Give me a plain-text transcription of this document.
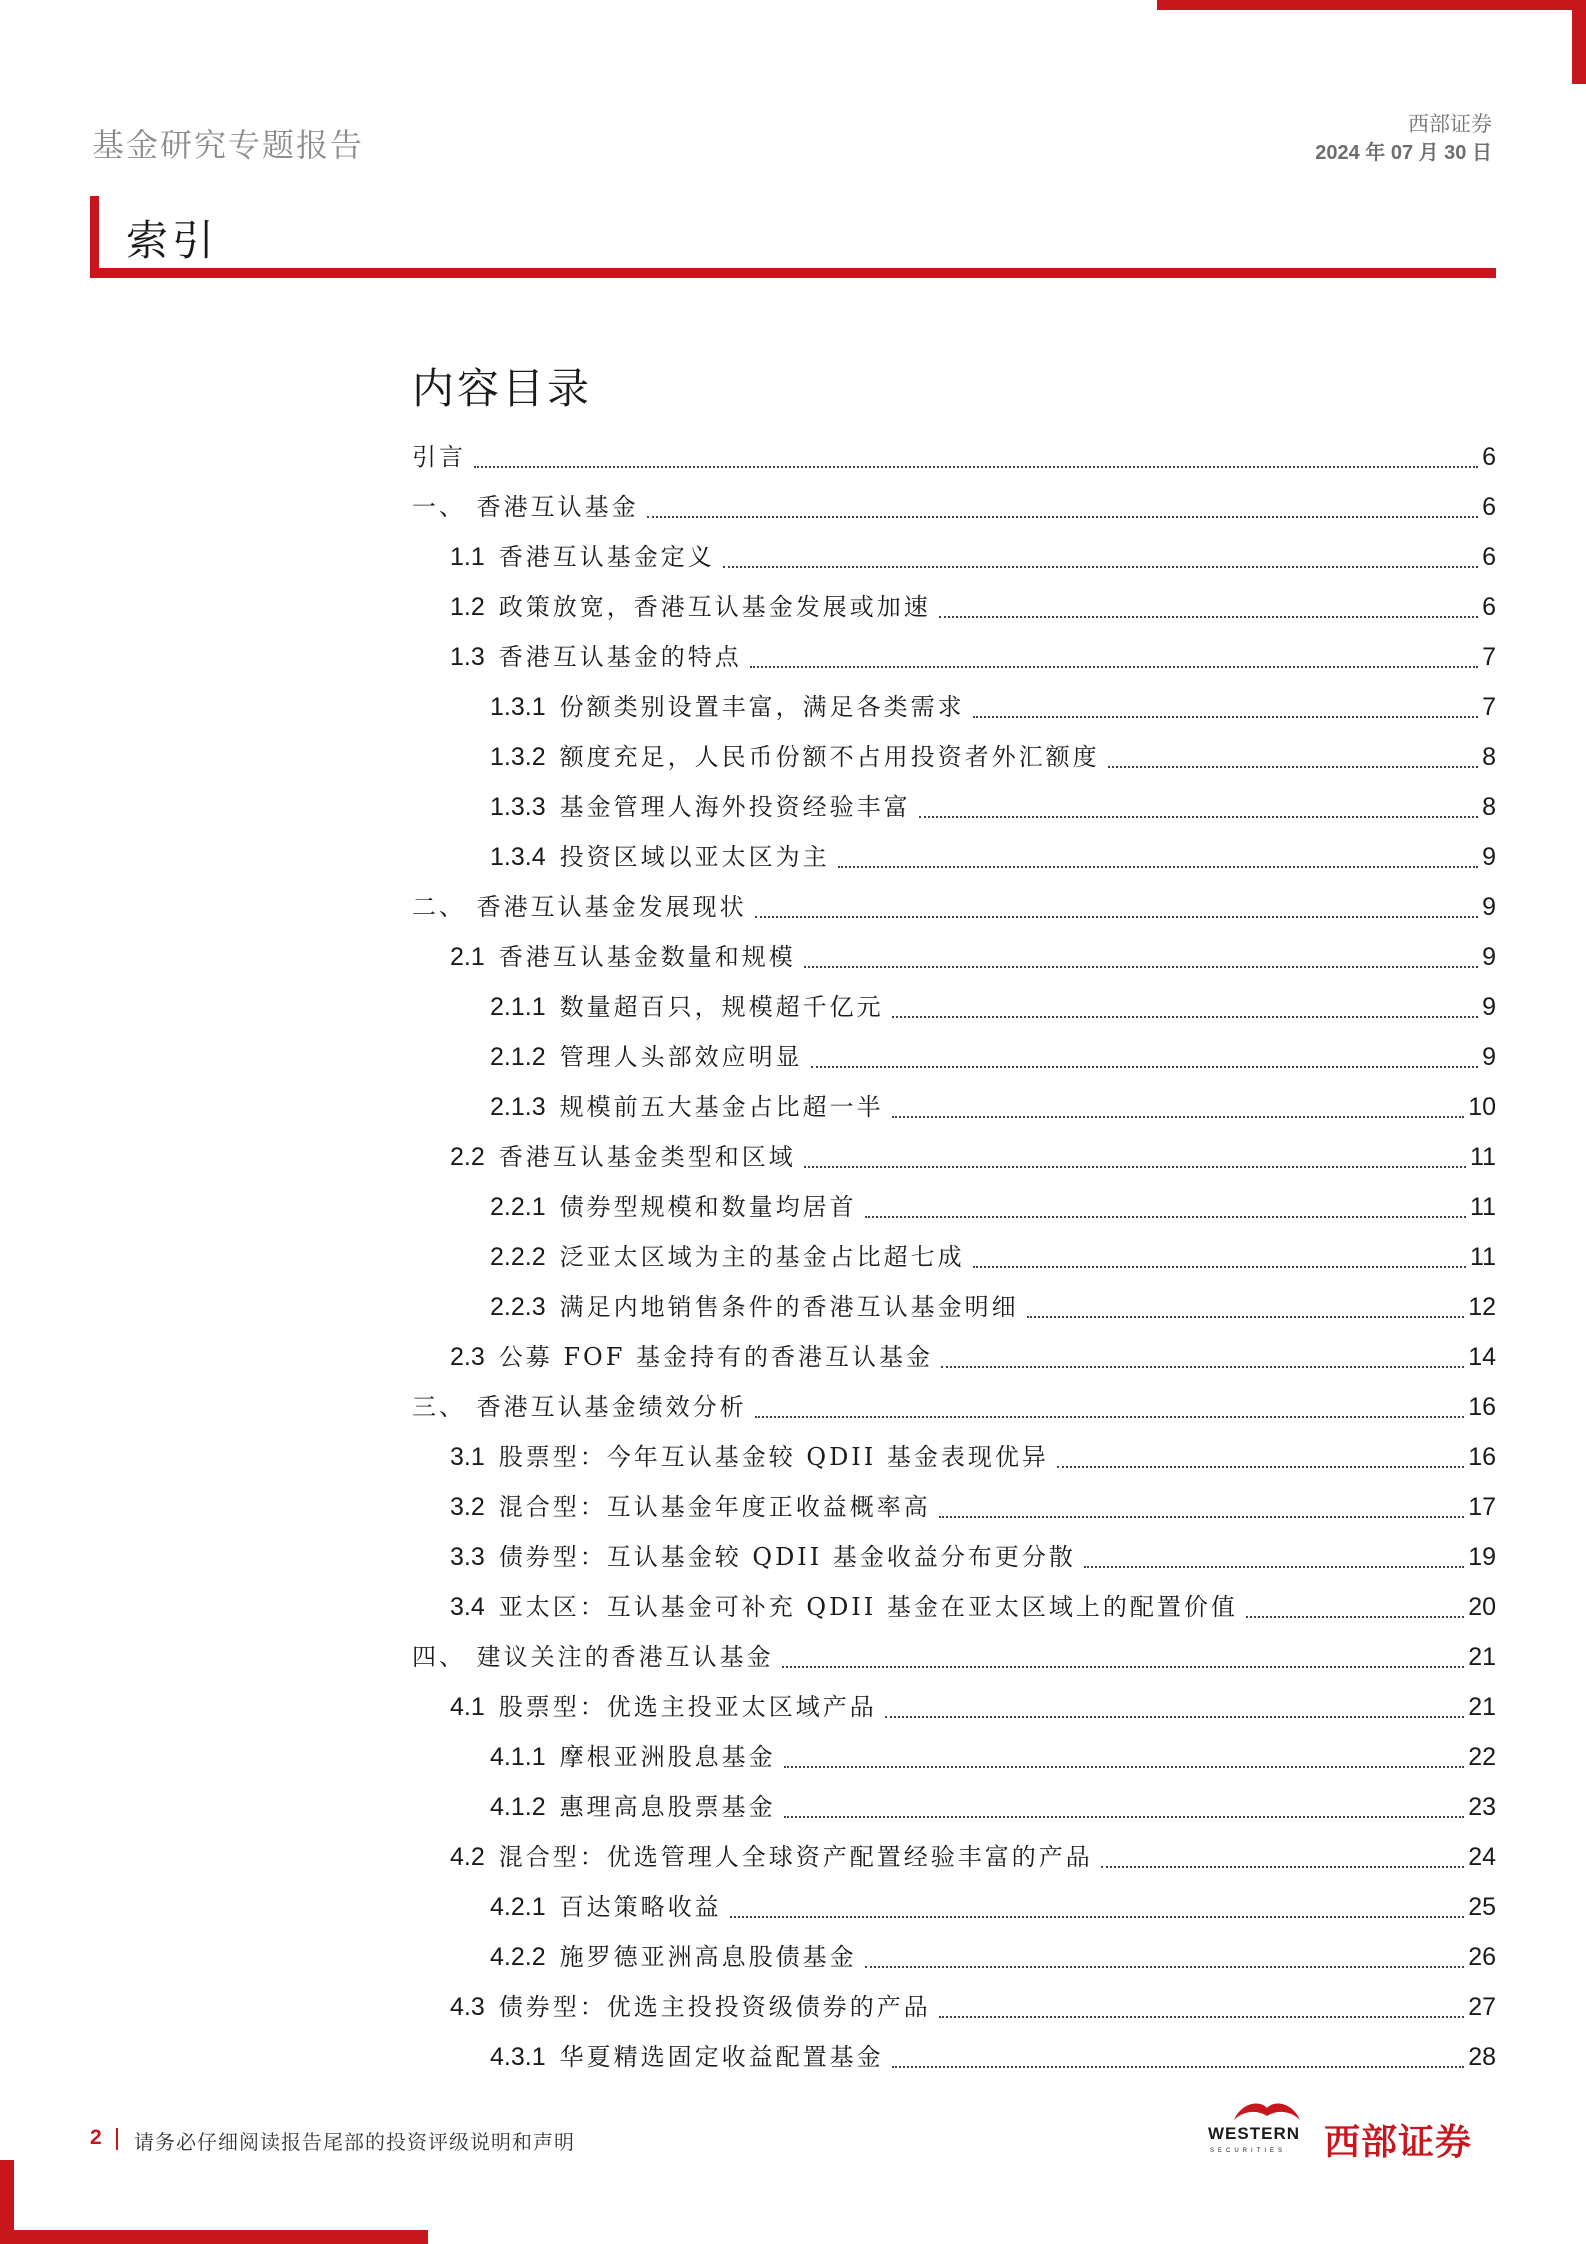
基金研究专题报告
西部证券
2024 年 07 月 30 日
索引
内容目录
引言	6
一、 香港互认基金	6
1.1 香港互认基金定义	6
1.2 政策放宽，香港互认基金发展或加速	6
1.3 香港互认基金的特点	7
1.3.1 份额类别设置丰富，满足各类需求	7
1.3.2 额度充足，人民币份额不占用投资者外汇额度	8
1.3.3 基金管理人海外投资经验丰富	8
1.3.4 投资区域以亚太区为主	9
二、 香港互认基金发展现状	9
2.1 香港互认基金数量和规模	9
2.1.1 数量超百只，规模超千亿元	9
2.1.2 管理人头部效应明显	9
2.1.3 规模前五大基金占比超一半	10
2.2 香港互认基金类型和区域	11
2.2.1 债券型规模和数量均居首	11
2.2.2 泛亚太区域为主的基金占比超七成	11
2.2.3 满足内地销售条件的香港互认基金明细	12
2.3 公募 FOF 基金持有的香港互认基金	14
三、 香港互认基金绩效分析	16
3.1 股票型：今年互认基金较 QDII 基金表现优异	16
3.2 混合型：互认基金年度正收益概率高	17
3.3 债券型：互认基金较 QDII 基金收益分布更分散	19
3.4 亚太区：互认基金可补充 QDII 基金在亚太区域上的配置价值	20
四、 建议关注的香港互认基金	21
4.1 股票型：优选主投亚太区域产品	21
4.1.1 摩根亚洲股息基金	22
4.1.2 惠理高息股票基金	23
4.2 混合型：优选管理人全球资产配置经验丰富的产品	24
4.2.1 百达策略收益	25
4.2.2 施罗德亚洲高息股债基金	26
4.3 债券型：优选主投投资级债券的产品	27
4.3.1 华夏精选固定收益配置基金	28
2 请务必仔细阅读报告尾部的投资评级说明和声明	WESTERN
SECURITIES 西部证券
